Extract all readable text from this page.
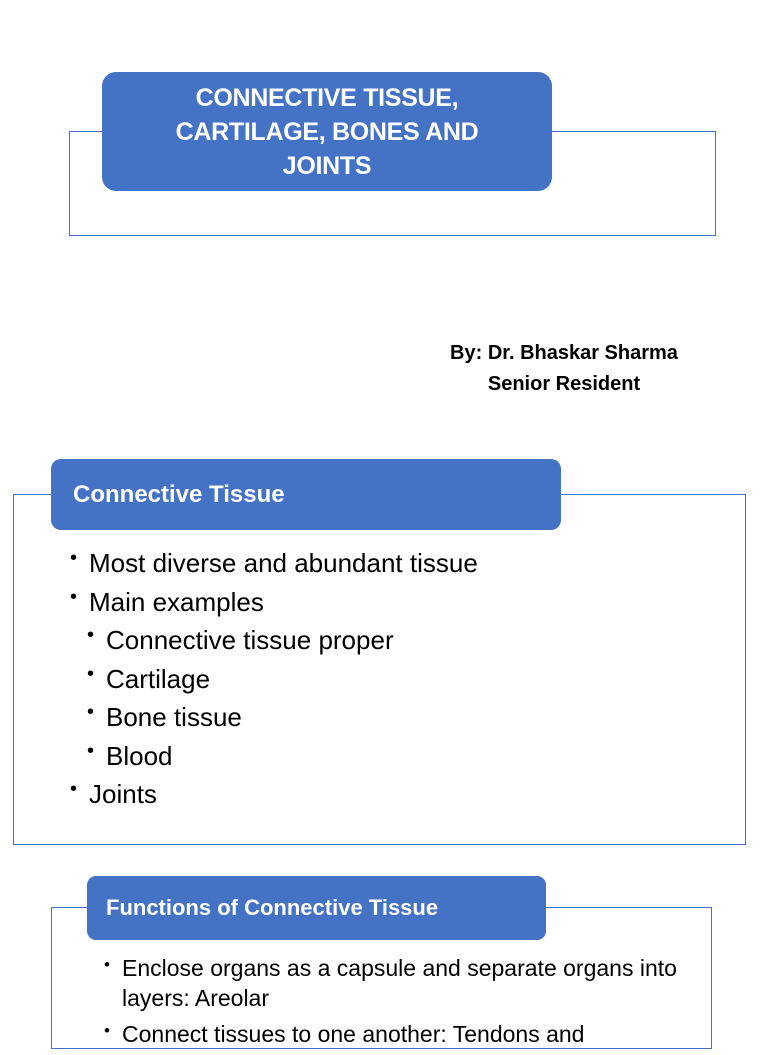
CONNECTIVE TISSUE,
CARTILAGE, BONES AND
JOINTS
By: Dr. Bhaskar Sharma
Senior Resident
Connective Tissue
• Most diverse and abundant tissue
• Main examples
• Connective tissue proper
• Cartilage
• Bone tissue
• Blood
• Joints
Functions of Connective Tissue
• Enclose organs as a capsule and separate organs into layers: Areolar
• Connect tissues to one another: Tendons and
